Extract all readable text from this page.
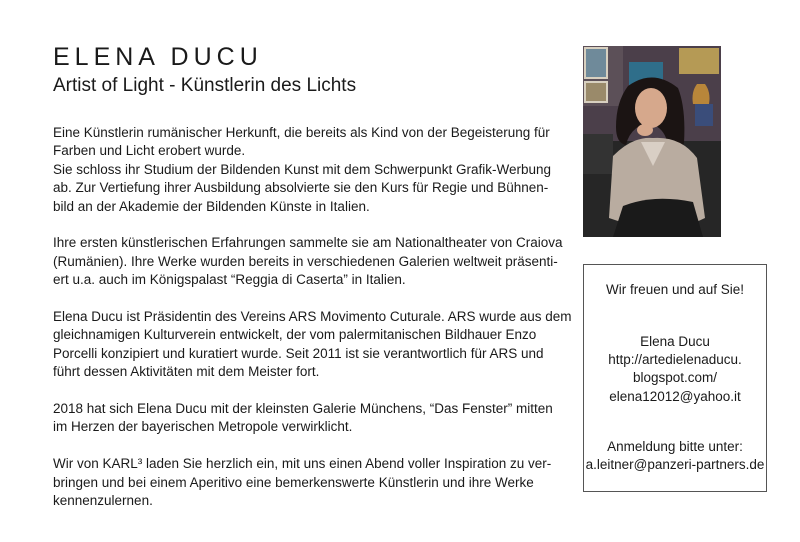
ELENA DUCU
Artist of Light - Künstlerin des Lichts

Eine Künstlerin rumänischer Herkunft, die bereits als Kind von der Begeisterung für
Farben und Licht erobert wurde.
Sie schloss ihr Studium der Bildenden Kunst mit dem Schwerpunkt Grafik-Werbung
ab. Zur Vertiefung ihrer Ausbildung absolvierte sie den Kurs für Regie und Bühnen-
bild an der Akademie der Bildenden Künste in Italien.

Ihre ersten künstlerischen Erfahrungen sammelte sie am Nationaltheater von Craiova
(Rumänien). Ihre Werke wurden bereits in verschiedenen Galerien weltweit präsenti-
ert u.a. auch im Königspalast “Reggia di Caserta” in Italien.

Elena Ducu ist Präsidentin des Vereins ARS Movimento Cuturale. ARS wurde aus dem
gleichnamigen Kulturverein entwickelt, der vom palermitanischen Bildhauer Enzo
Porcelli konzipiert und kuratiert wurde. Seit 2011 ist sie verantwortlich für ARS und
führt dessen Aktivitäten mit dem Meister fort.

2018 hat sich Elena Ducu mit der kleinsten Galerie Münchens, “Das Fenster” mitten
im Herzen der bayerischen Metropole verwirklicht.

Wir von KARL³ laden Sie herzlich ein, mit uns einen Abend voller Inspiration zu ver-
bringen und bei einem Aperitivo eine bemerkenswerte Künstlerin und ihre Werke
kennenzulernen.

Wir freuen und auf Sie!
Elena Ducu
http://artedielenaducu.
blogspot.com/
elena12012@yahoo.it
Anmeldung bitte unter:
a.leitner@panzeri-partners.de
